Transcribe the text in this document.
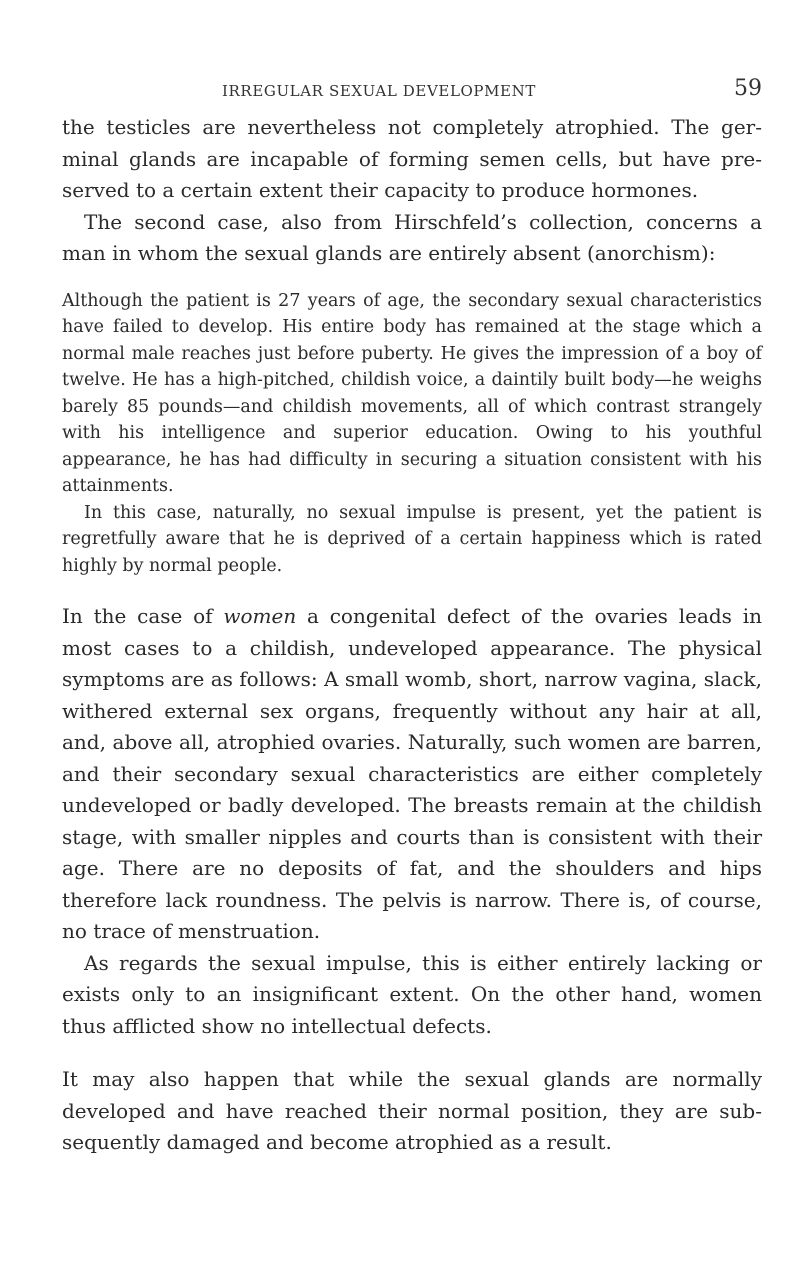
IRREGULAR SEXUAL DEVELOPMENT	59

the testicles are nevertheless not completely atrophied. The germinal glands are incapable of forming semen cells, but have preserved to a certain extent their capacity to produce hormones.

The second case, also from Hirschfeld’s collection, concerns a man in whom the sexual glands are entirely absent (anorchism):

Although the patient is 27 years of age, the secondary sexual characteristics have failed to develop. His entire body has remained at the stage which a normal male reaches just before puberty. He gives the impression of a boy of twelve. He has a high-pitched, childish voice, a daintily built body—he weighs barely 85 pounds—and childish movements, all of which contrast strangely with his intelligence and superior education. Owing to his youthful appearance, he has had difficulty in securing a situation consistent with his attainments.

In this case, naturally, no sexual impulse is present, yet the patient is regretfully aware that he is deprived of a certain happiness which is rated highly by normal people.

In the case of women a congenital defect of the ovaries leads in most cases to a childish, undeveloped appearance. The physical symptoms are as follows: A small womb, short, narrow vagina, slack, withered external sex organs, frequently without any hair at all, and, above all, atrophied ovaries. Naturally, such women are barren, and their secondary sexual characteristics are either completely undeveloped or badly developed. The breasts remain at the childish stage, with smaller nipples and courts than is consistent with their age. There are no deposits of fat, and the shoulders and hips therefore lack roundness. The pelvis is narrow. There is, of course, no trace of menstruation.

As regards the sexual impulse, this is either entirely lacking or exists only to an insignificant extent. On the other hand, women thus afflicted show no intellectual defects.

It may also happen that while the sexual glands are normally developed and have reached their normal position, they are subsequently damaged and become atrophied as a result.
